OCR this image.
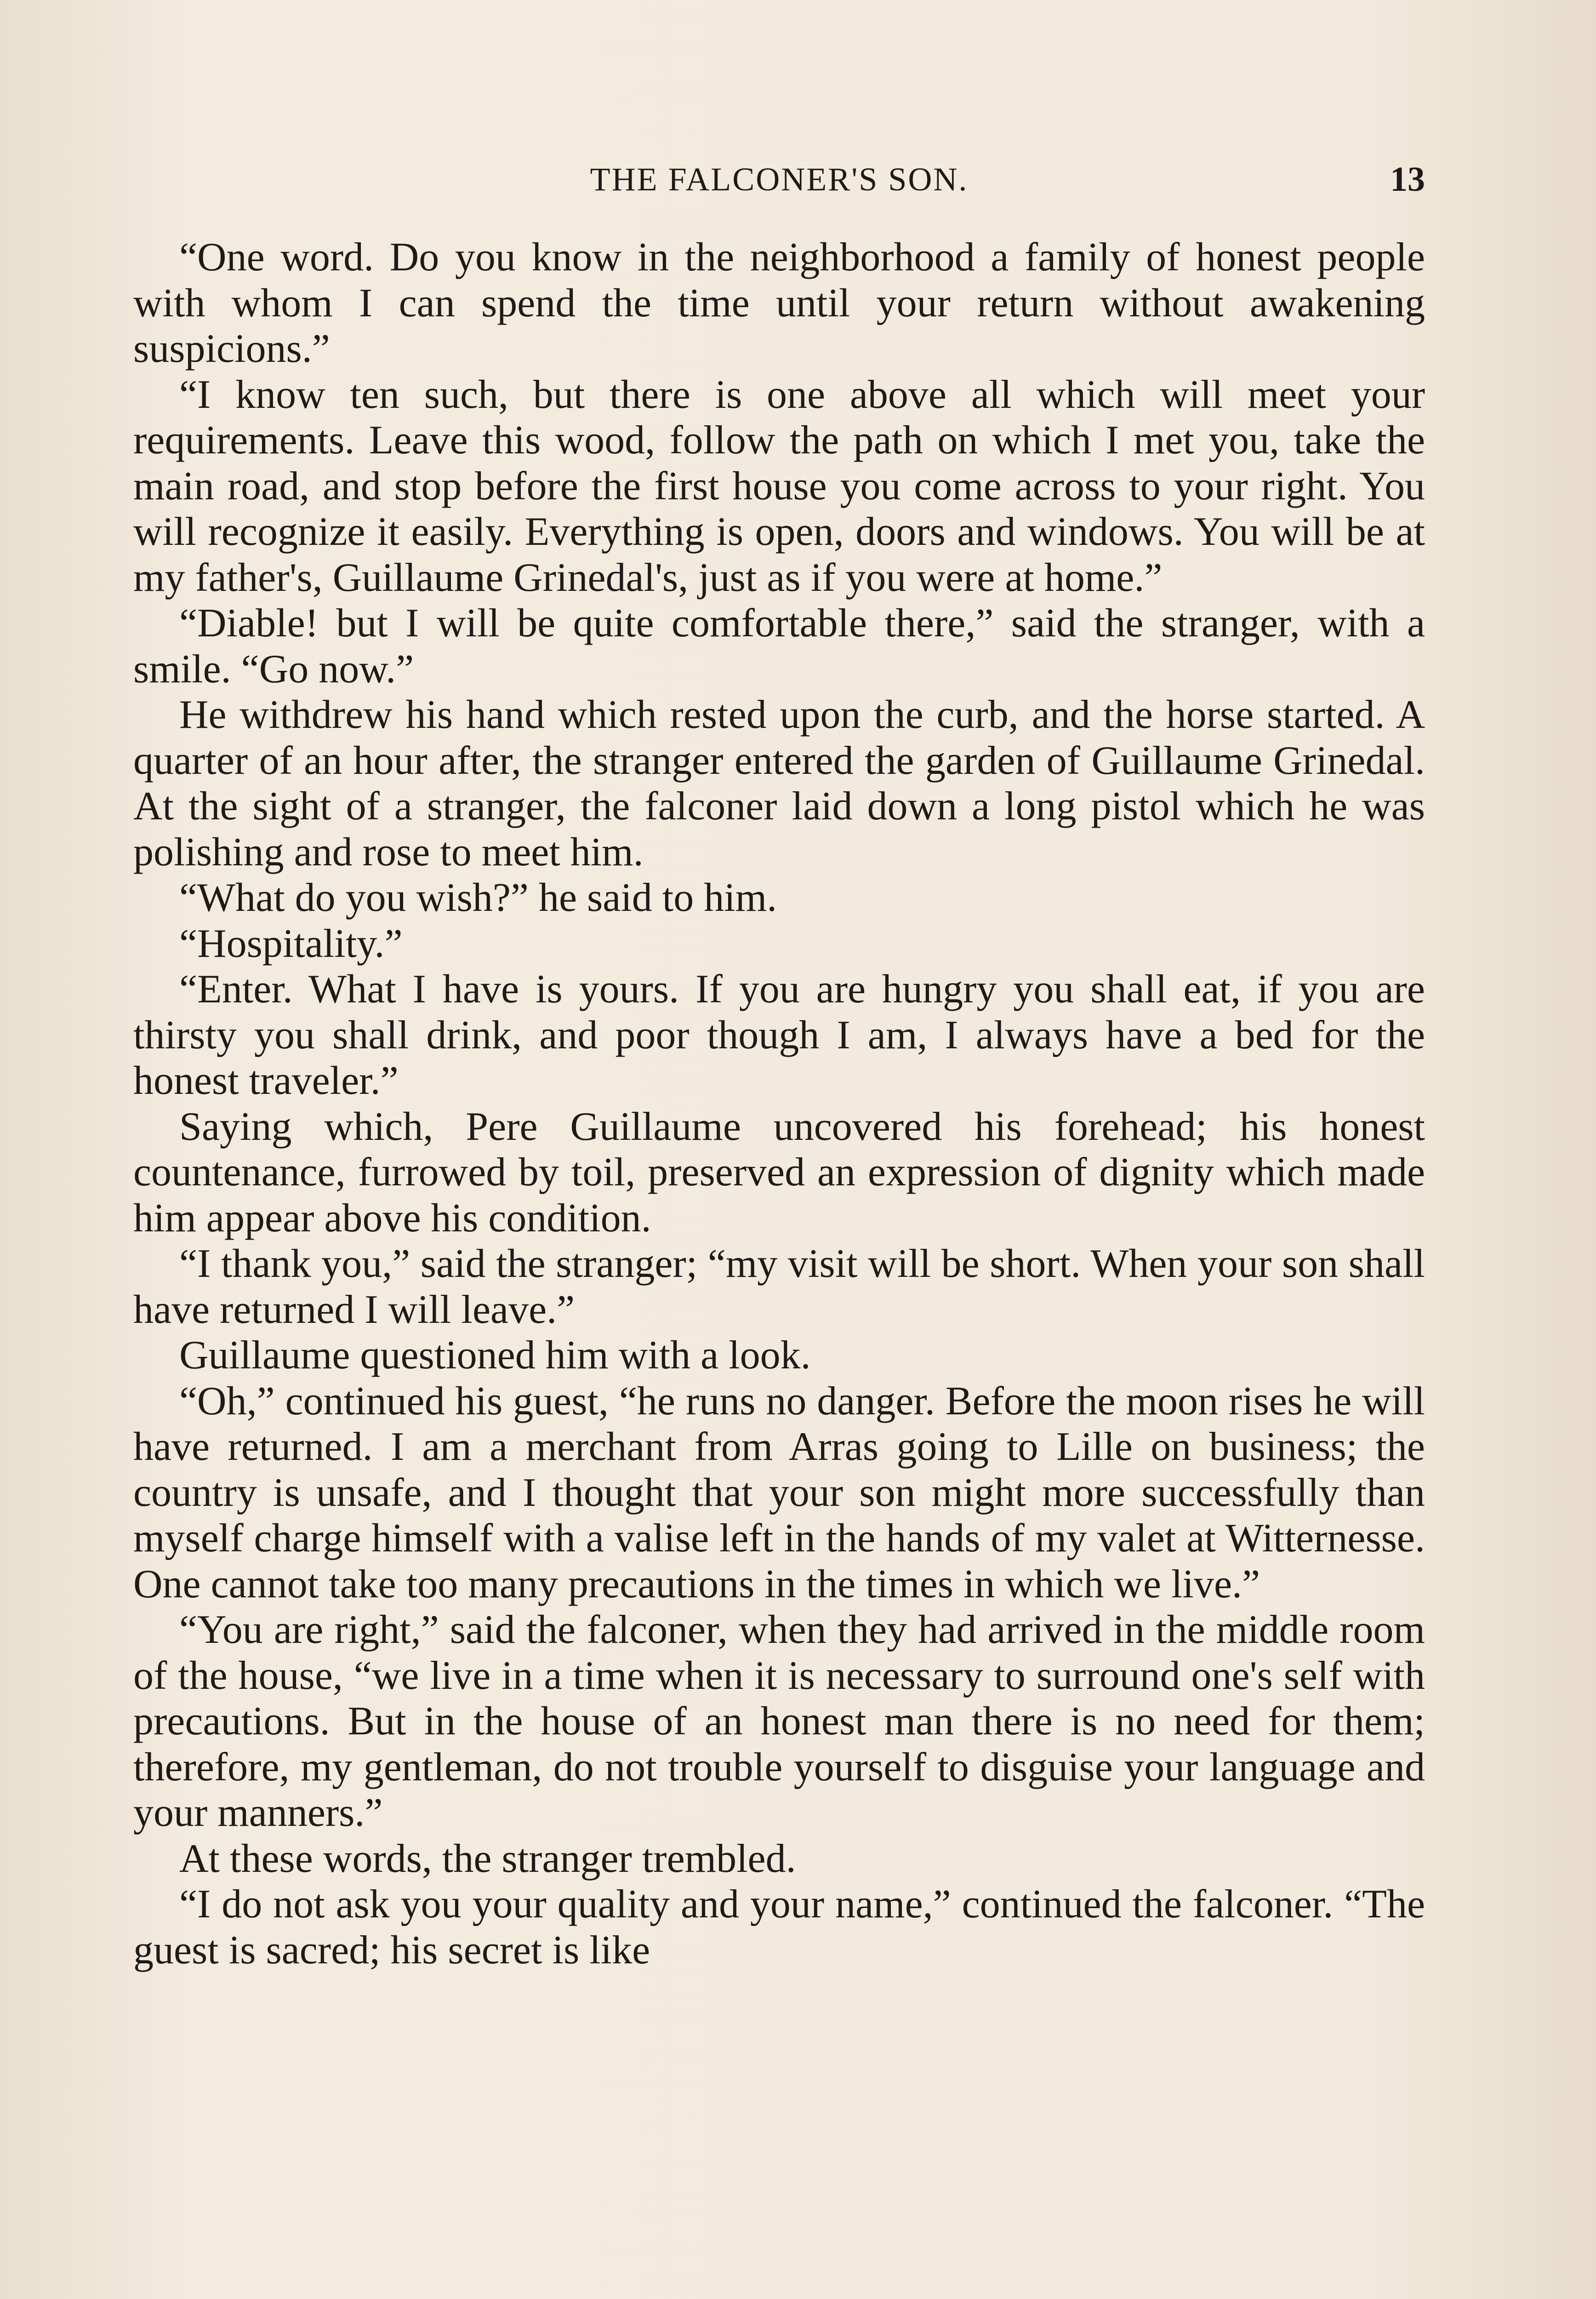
THE FALCONER'S SON.	13

“One word. Do you know in the neighborhood a family of honest people with whom I can spend the time until your return without awakening suspicions.”

“I know ten such, but there is one above all which will meet your requirements. Leave this wood, follow the path on which I met you, take the main road, and stop before the first house you come across to your right. You will recognize it easily. Everything is open, doors and windows. You will be at my father's, Guillaume Grinedal's, just as if you were at home.”

“Diable! but I will be quite comfortable there,” said the stranger, with a smile. “Go now.”

He withdrew his hand which rested upon the curb, and the horse started. A quarter of an hour after, the stranger entered the garden of Guillaume Grinedal. At the sight of a stranger, the falconer laid down a long pistol which he was polishing and rose to meet him.

“What do you wish?” he said to him.

“Hospitality.”

“Enter. What I have is yours. If you are hungry you shall eat, if you are thirsty you shall drink, and poor though I am, I always have a bed for the honest traveler.”

Saying which, Pere Guillaume uncovered his forehead; his honest countenance, furrowed by toil, preserved an expression of dignity which made him appear above his condition.

“I thank you,” said the stranger; “my visit will be short. When your son shall have returned I will leave.”

Guillaume questioned him with a look.

“Oh,” continued his guest, “he runs no danger. Before the moon rises he will have returned. I am a merchant from Arras going to Lille on business; the country is unsafe, and I thought that your son might more successfully than myself charge himself with a valise left in the hands of my valet at Witternesse. One cannot take too many precautions in the times in which we live.”

“You are right,” said the falconer, when they had arrived in the middle room of the house, “we live in a time when it is necessary to surround one's self with precautions. But in the house of an honest man there is no need for them; therefore, my gentleman, do not trouble yourself to disguise your language and your manners.”

At these words, the stranger trembled.

“I do not ask you your quality and your name,” continued the falconer. “The guest is sacred; his secret is like
